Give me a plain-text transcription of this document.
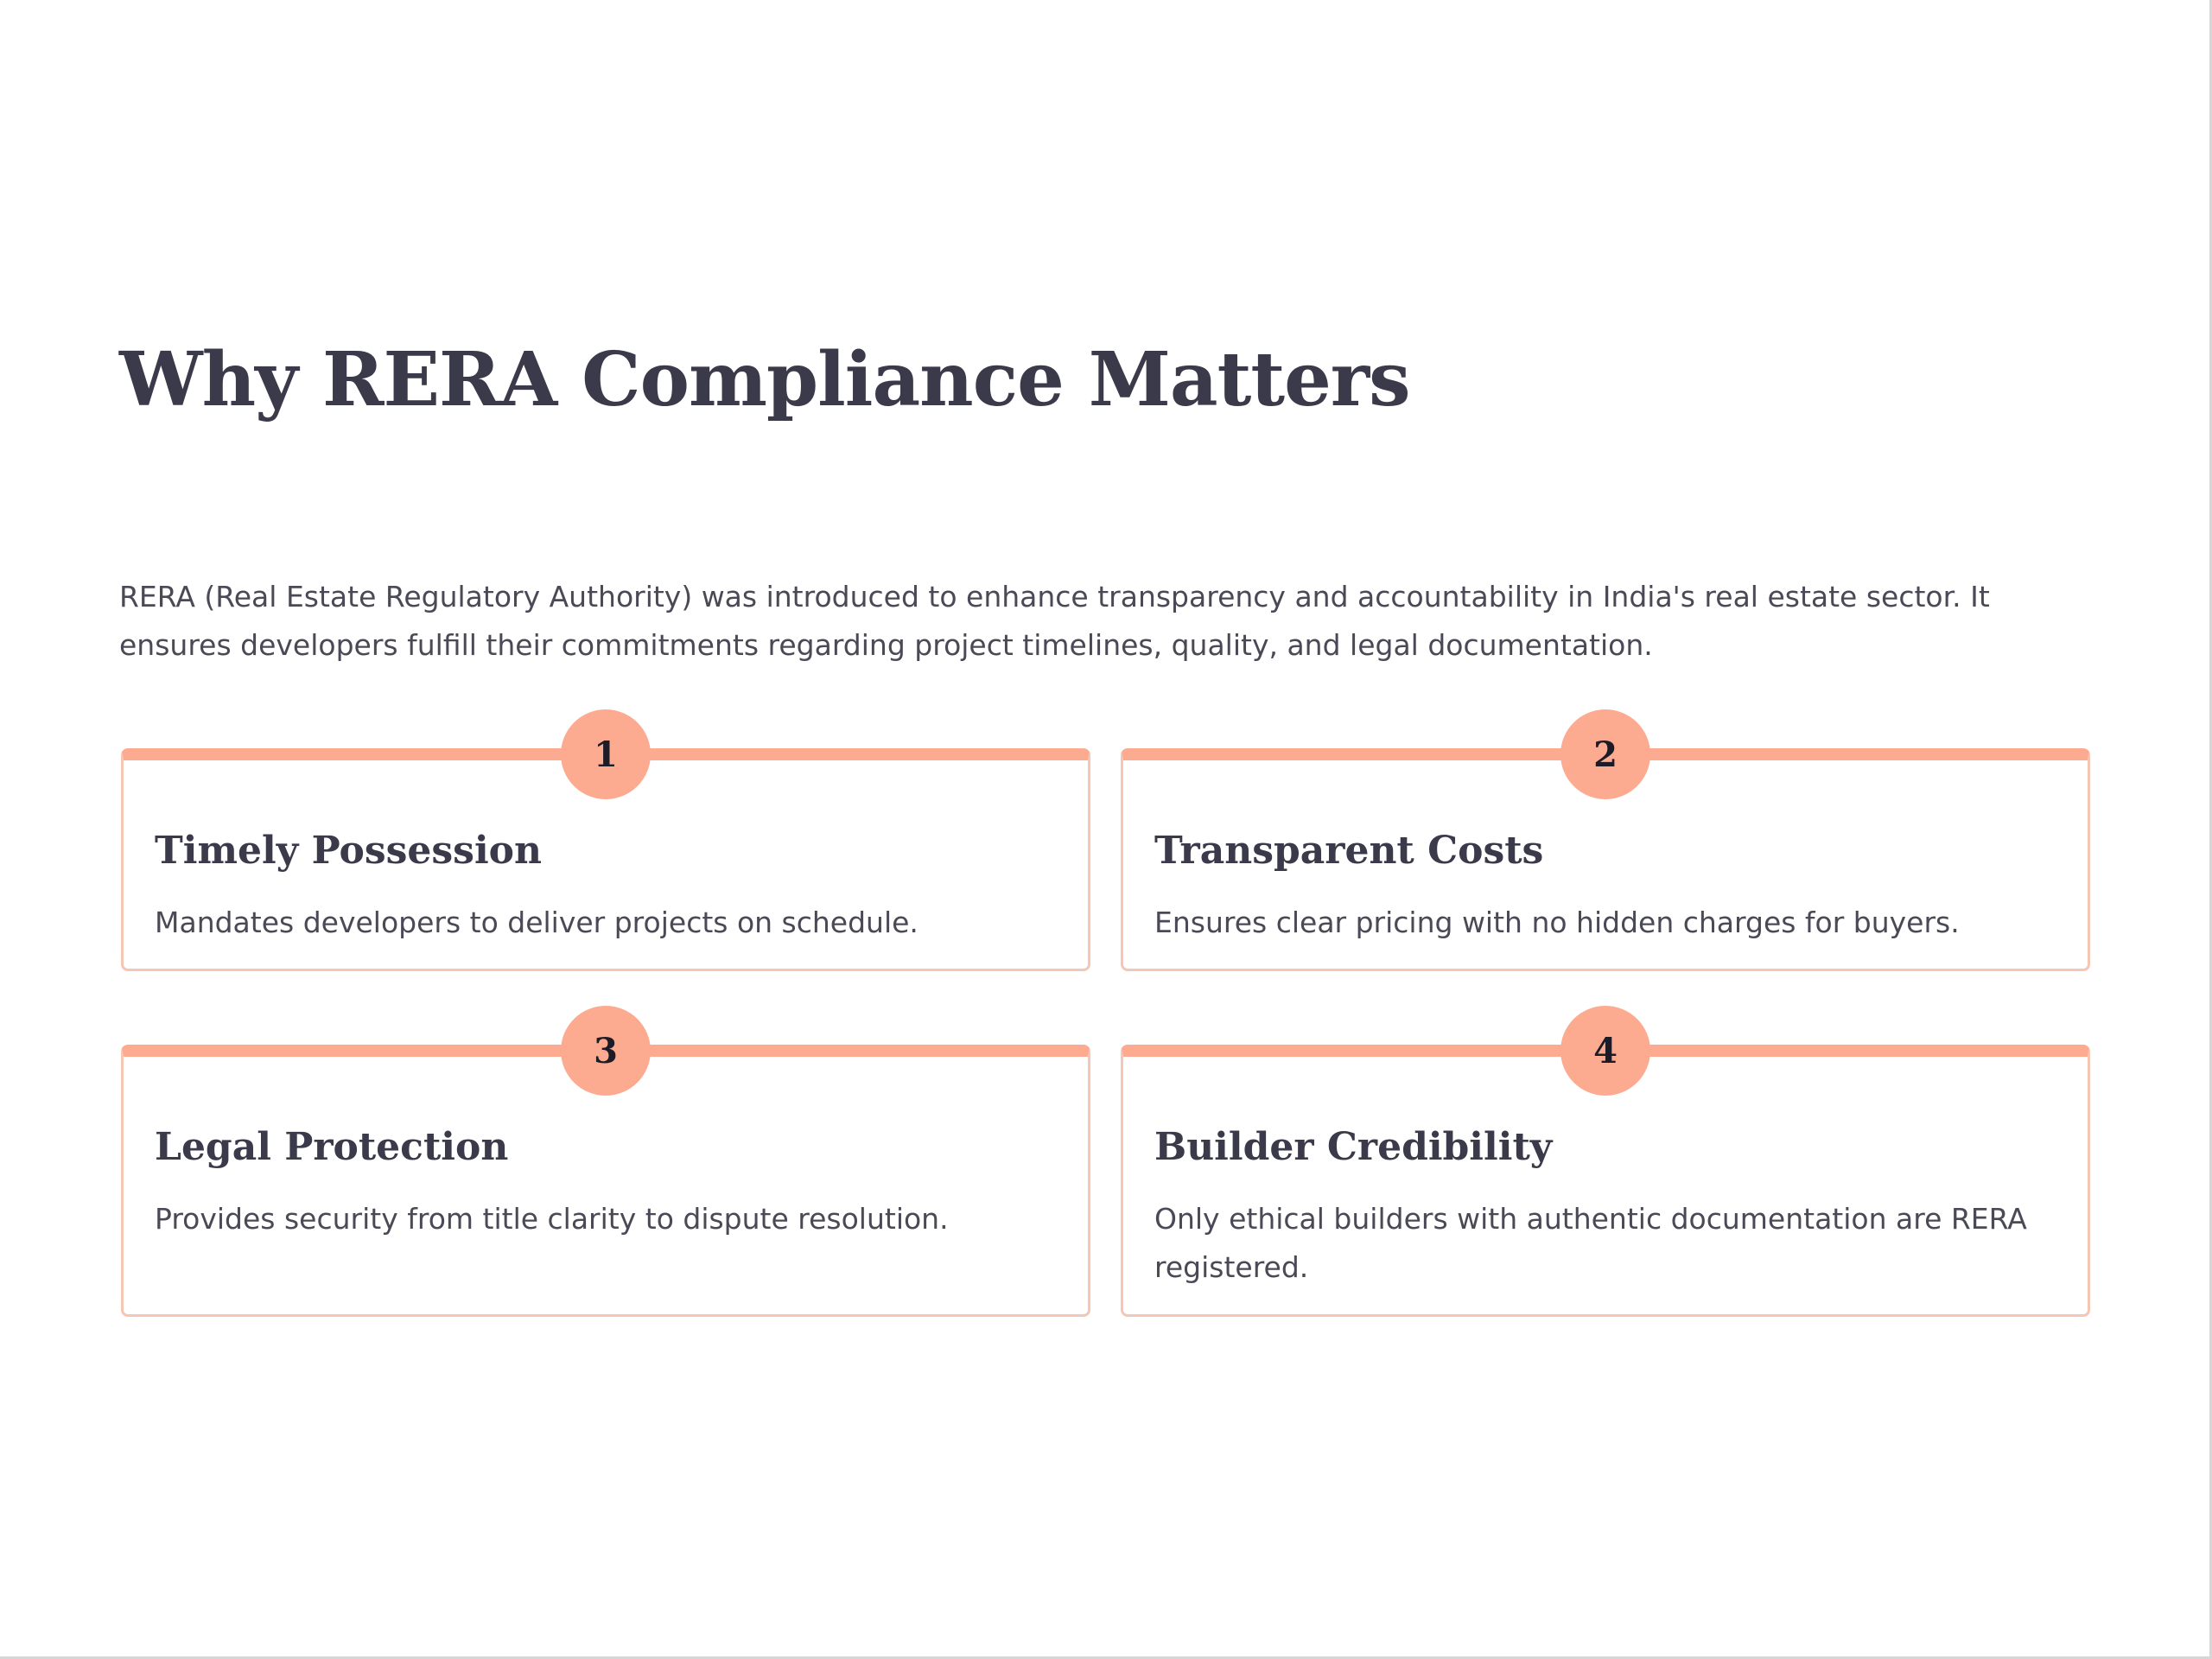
Why RERA Compliance Matters

RERA (Real Estate Regulatory Authority) was introduced to enhance transparency and accountability in India's real estate sector. It ensures developers fulfill their commitments regarding project timelines, quality, and legal documentation.

1
Timely Possession

Mandates developers to deliver projects on schedule.

2
Transparent Costs

Ensures clear pricing with no hidden charges for buyers.

3
Legal Protection

Provides security from title clarity to dispute resolution.

4
Builder Credibility

Only ethical builders with authentic documentation are RERA registered.
